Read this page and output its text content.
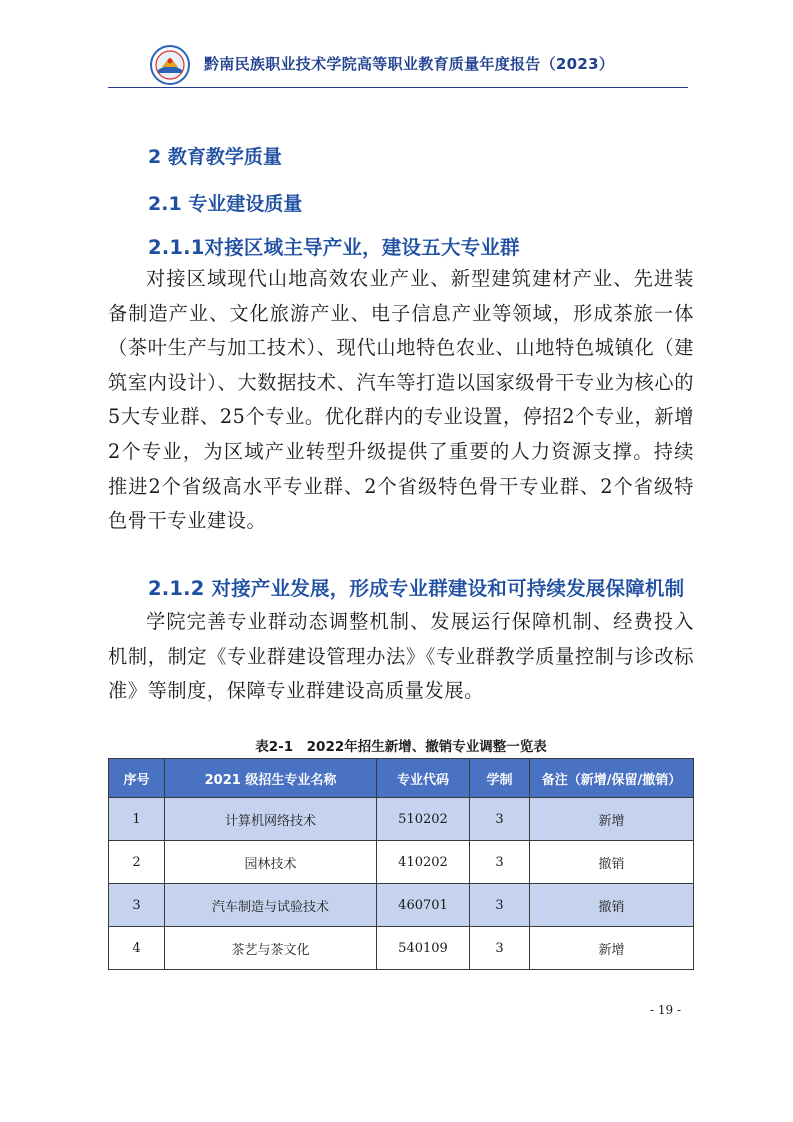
黔南民族职业技术学院高等职业教育质量年度报告（2023）
2 教育教学质量
2.1 专业建设质量
2.1.1对接区域主导产业，建设五大专业群

对接区域现代山地高效农业产业、新型建筑建材产业、先进装备制造产业、文化旅游产业、电子信息产业等领域，形成茶旅一体（茶叶生产与加工技术）、现代山地特色农业、山地特色城镇化（建筑室内设计）、大数据技术、汽车等打造以国家级骨干专业为核心的5大专业群、25个专业。优化群内的专业设置，停招2个专业，新增2个专业，为区域产业转型升级提供了重要的人力资源支撑。持续推进2个省级高水平专业群、2个省级特色骨干专业群、2个省级特色骨干专业建设。

2.1.2 对接产业发展，形成专业群建设和可持续发展保障机制

学院完善专业群动态调整机制、发展运行保障机制、经费投入机制，制定《专业群建设管理办法》《专业群教学质量控制与诊改标准》等制度，保障专业群建设高质量发展。

表2-1　2022年招生新增、撤销专业调整一览表
序号	2021 级招生专业名称	专业代码	学制	备注（新增/保留/撤销）
1	计算机网络技术	510202	3	新增
2	园林技术	410202	3	撤销
3	汽车制造与试验技术	460701	3	撤销
4	茶艺与茶文化	540109	3	新增
- 19 -
